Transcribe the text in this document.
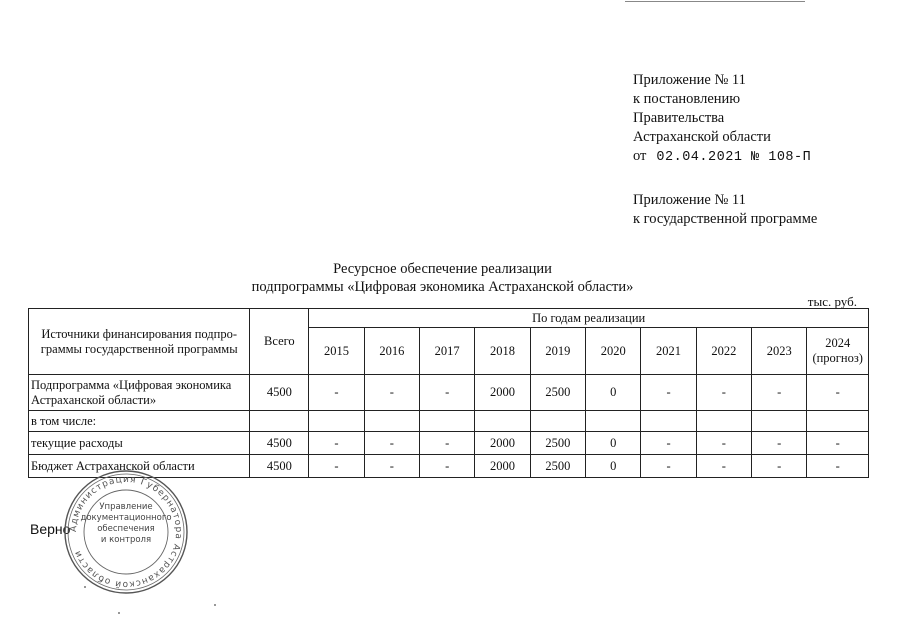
Приложение № 11
к постановлению
Правительства
Астраханской области
от 02.04.2021 № 108-П
Приложение № 11
к государственной программе
Ресурсное обеспечение реализации
подпрограммы «Цифровая экономика Астраханской области»
тыс. руб.
Источники финансирования подпро-граммы государственной программы	Всего	По годам реализации									
		2015	2016	2017	2018	2019	2020	2021	2022	2023	2024 (прогноз)
Подпрограмма «Цифровая экономика Астраханской области»	4500	-	-	-	2000	2500	0	-	-	-	-
в том числе:											
текущие расходы	4500	-	-	-	2000	2500	0	-	-	-	-
Бюджет Астраханской области	4500	-	-	-	2000	2500	0	-	-	-	-
Верно
Администрация Губернатора Астраханской области
Управление
документационного
обеспечения
и контроля
